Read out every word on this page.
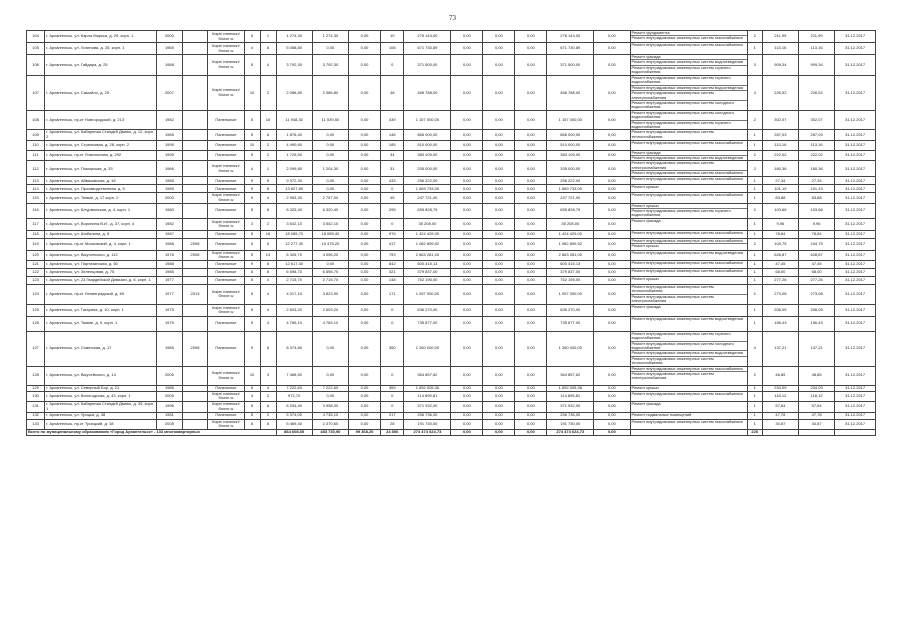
73
104	г. Архангельск, ул. Карла Маркса, д. 29, корп. 1	2000		Кирп/ панельн/блочн ы	5	1	1 274,30	1 274,30	0,00	10	276 143,00	0,00	0,00	0,00	276 143,00	0,00	Ремонт фундамента
Ремонт внутридомовых инженерных систем газоснабжения	2	211,99	211,99	31.12.2017
105	г. Архангельск, ул. Логинова, д. 25, корп. 1	1965		Кирп/ панельн/блочн ы	4	6	5 088,80	0,00	0,00	106	671 730,89	0,00	0,00	0,00	671 730,89	0,00	Ремонт внутридомовых инженерных систем газоснабжения	1	113,16	113,16	31.12.2017
106	г. Архангельск, ул. Гайдара, д. 25	1988		Кирп/ панельн/блочн ы	5	4	3 792,30	3 792,30	0,00	0	371 500,00	0,00	0,00	0,00	371 500,00	0,00	Ремонт фасада
Ремонт внутридомовых инженерных систем водоотведения
Ремонт внутридомовых инженерных систем горячего водоснабжения	3	909,34	909,34	31.12.2017
107	г. Архангельск, ул. Самойло, д. 25	2007		Кирп/ панельн/блочн ы	10	2	2 086,80	2 086,80	0,00	48	466 788,00	0,00	0,00	0,00	466 788,00	0,00	Ремонт внутридомовых инженерных систем горячего водоснабжения
Ремонт внутридомовых инженерных систем водоотведения
Ремонт внутридомовых инженерных систем электроснабжения
Ремонт внутридомовых инженерных систем холодного водоснабжения	4	226,52	226,52	31.12.2017
108	г. Архангельск, пр-кт Новгородский, д. 213	1982		Панельные	5	16	11 948,30	11 539,50	0,00	439	1 157 000,00	0,00	0,00	0,00	1 157 000,00	0,00	Ремонт внутридомовых инженерных систем холодного водоснабжения
Ремонт внутридомовых инженерных систем горячего водоснабжения	2	302,07	302,07	31.12.2017
109	г. Архангельск, ул. Кабарпная Стандей Двины, д. 12, корп. 2	1985		Панельные	5	6	1 876,40	0,00	0,00	146	866 000,00	0,00	0,00	0,00	866 000,00	0,00	Ремонт внутридомовых инженерных систем теплоснабжения	1	267,03	267,03	31.12.2017
110	г. Архангельск, ул. Стрелковая, д. 28, корп. 2	1995		Панельные	10	2	4 490,60	0,00	0,00	185	510 000,00	0,00	0,00	0,00	510 000,00	0,00	Ремонт внутридомовых инженерных систем газоснабжения	1	113,16	113,16	31.12.2017
111	г. Архангельск, пр-кт Ломоносова, д. 292	1995		Панельные	5	2	1 725,50	0,00	0,00	34	383 109,00	0,00	0,00	0,00	383 109,00	0,00	Ремонт фасада
Ремонт внутридомовых инженерных систем водоотведения	2	222,02	222,02	31.12.2017
112	г. Архангельск, ул. Поморская, д. 33	1966		Кирп/ панельн/блочн ы	4	1	2 099,80	1 204,30	0,00	31	335 000,00	0,00	0,00	0,00	335 000,00	0,00	Ремонт внутридомовых инженерных систем электроснабжения
Ремонт внутридомовых инженерных систем газоснабжения	2	160,36	160,36	31.12.2017
113	г. Архангельск, ул. Айвазовская, д. 16	1985		Панельные	9	5	9 372,30	0,00	0,00	433	256 222,00	0,00	0,00	0,00	256 222,00	0,00	Ремонт внутридомовых инженерных систем газоснабжения	1	27,34	27,34	31.12.2017
114	г. Архангельск, ул. Производственная, д. 5	1989		Панельные	9	8	13 827,80	0,00	0,00	0	1 669 733,00	0,00	0,00	0,00	1 669 733,00	0,00	Ремонт крыши	1	101,19	101,19	31.12.2017
115	г. Архангельск, ул. Тимме, д. 17 корп. 2	2000		Кирп/ панельн/блочн ы	9	4	2 953,30	2 757,00	0,00	45	247 721,00	0,00	0,00	0,00	247 721,00	0,00	Ремонт внутридомовых инженерных систем газоснабжения	1	83,88	83,88	31.12.2017
116	г. Архангельск, ул. Штурманская, д. 4, корп. 1	1980		Панельные	5	6	6 325,40	6 320,40	0,00	295	655 828,79	0,00	0,00	0,00	655 828,79	0,00	Ремонт крыши
Ремонт внутридомовых инженерных систем горячего водоснабжения	2	103,66	103,66	31.12.2017
117	г. Архангельск, ул. Воронина В.И., д. 37, корп. 4	1982		Кирп/ панельн/блочн ы	3	2	3 542,10	3 542,10	0,00	0	35 208,00	0,00	0,00	0,00	35 208,00	0,00	Ремонт фасада	1	9,96	9,96	31.12.2017
118	г. Архангельск, ул. Шабалина, д. 8	1987		Панельные	5	16	18 085,70	18 085,40	0,00	976	1 424 429,00	0,00	0,00	0,00	1 424 429,00	0,00	Ремонт внутридомовых инженерных систем газоснабжения	1	78,84	78,84	31.12.2017
119	г. Архангельск, пр-кт Московский, д. 4, корп. 1	1988	2008	Панельные	5	5	12 277,30	10 475,20	0,00	417	1 082 899,52	0,00	0,00	0,00	1 082 899,52	0,00	Ремонт внутридомовых инженерных систем газоснабжения
Ремонт крыши	2	104,75	104,75	31.12.2017
120	г. Архангельск, ул. Выучинского, д. 112	1978	2008	Кирп/ панельн/блочн ы	5	13	6 326,70	4 096,20	0,00	753	2 663 281,00	0,00	0,00	0,00	2 663 281,00	0,00	Ремонт внутридомовых инженерных систем водоотведения	1	628,87	628,87	31.12.2017
121	г. Архангельск, ул. Партизанская, д. 60	1988		Панельные	9	6	12 617,40	0,00	0,00	842	600 415,13	0,00	0,00	0,00	600 415,13	0,00	Ремонт внутридомовых инженерных систем газоснабжения	1	47,45	47,45	31.12.2017
122	г. Архангельск, ул. Зеленцовая, д. 75	1985		Панельные	5	8	6 598,70	6 598,70	0,00	321	379 837,00	0,00	0,00	0,00	379 837,00	0,00	Ремонт внутридомовых инженерных систем газоснабжения	1	68,00	68,00	31.12.2017
123	г. Архангельск, ул. 23 Гвардейской Дивизии, д. 6, корп. 1	1977		Панельные	5	4	2 715,70	2 715,70	0,00	148	752 195,00	0,00	0,00	0,00	752 195,00	0,00	Ремонт крыши	1	277,26	277,26	31.12.2017
124	г. Архангельск, пр-кт Ленинградский, д. 69	1977	2013	Кирп/ панельн/блочн ы	5	4	4 017,10	3 823,90	0,00	171	1 097 000,00	0,00	0,00	0,00	1 097 000,00	0,00	Ремонт внутридомовых инженерных систем теплоснабжения
Ремонт внутридомовых инженерных систем электроснабжения	2	273,08	273,08	31.12.2017
125	г. Архангельск, ул. Гагарина, д. 10, корп. 1	1975		Кирп/ панельн/блочн ы	5	4	2 603,20	2 603,20	0,00	0	636 270,00	0,00	0,00	0,00	636 270,00	0,00	Ремонт фасада	1	206,05	206,05	31.12.2017
126	г. Архангельск, ул. Тимме, д. 9, корп. 1	1975		Панельные	5	4	4 765,10	4 765,10	0,00	0	735 877,00	0,00	0,00	0,00	735 877,00	0,00	Ремонт внутридомовых инженерных систем водоотведения	1	156,43	156,43	31.12.2017
127	г. Архангельск, ул. Советская, д. 17	1985	2008	Панельные	9	6	8 374,80	0,00	0,00	360	1 260 000,00	0,00	0,00	0,00	1 260 000,00	0,00	Ремонт внутридомовых инженерных систем горячего водоснабжения
Ремонт внутридомовых инженерных систем холодного водоснабжения
Ремонт внутридомовых инженерных систем водоотведения
Ремонт внутридомовых инженерных систем теплоснабжения	4	137,21	137,21	31.12.2017
128	г. Архангельск, ул. Выучейского, д. 14	2005		Кирп/ панельн/блочн ы	10	3	7 468,50	0,00	0,00	0	364 857,62	0,00	0,00	0,00	364 857,62	0,00	Ремонт внутридомовых инженерных систем газоснабжения
Ремонт внутридомовых инженерных систем электроснабжения	2	48,85	48,85	31.12.2017
129	г. Архангельск, ул. Северный Бор, д. 21	1986		Панельные	5	4	7 222,60	7 222,60	0,00	369	1 692 005,36	0,00	0,00	0,00	1 692 005,36	0,00	Ремонт крыши	1	234,09	234,09	31.12.2017
130	г. Архангельск, ул. Вологодская, д. 43, корп. 1	2005		Кирп/ панельн/блочн ы	4	2	972,70	0,00	0,00	0	114 895,81	0,00	0,00	0,00	114 895,81	0,00	Ремонт внутридомовых инженерных систем газоснабжения	1	118,12	118,12	31.12.2017
131	г. Архангельск, ул. Кабарпная Стандей Двины, д. 39, корп. 1	1996		Кирп/ панельн/блочн ы	5	6	6 334,40	3 998,30	0,00	0	371 932,00	0,00	0,00	0,00	371 932,00	0,00	Ремонт фасада	1	57,64	57,64	31.12.2017
132	г. Архангельск, ул. Урицка, д. 38	1981		Панельные	5	2	5 374,00	4 735,10	0,00	217	256 736,00	0,00	0,00	0,00	256 736,00	0,00	Ремонт подвальных помещений	1	47,78	47,78	31.12.2017
133	г. Архангельск, пр-кт Троицкий, д. 18	2008		Кирп/ панельн/блочн ы	6	6	5 469,40	2 370,60	0,00	28	191 730,00	0,00	0,00	0,00	191 730,00	0,00	Ремонт внутридомовых инженерных систем газоснабжения	1	34,87	34,87	31.12.2017
Всего по муниципальному образованию «Город Архангельск» - 133 многоквартирных							864 608,65	483 730,90	99 368,20	24 806	274 474 624,73	0,00	0,00	0,00	274 474 624,73	0,00		226			
